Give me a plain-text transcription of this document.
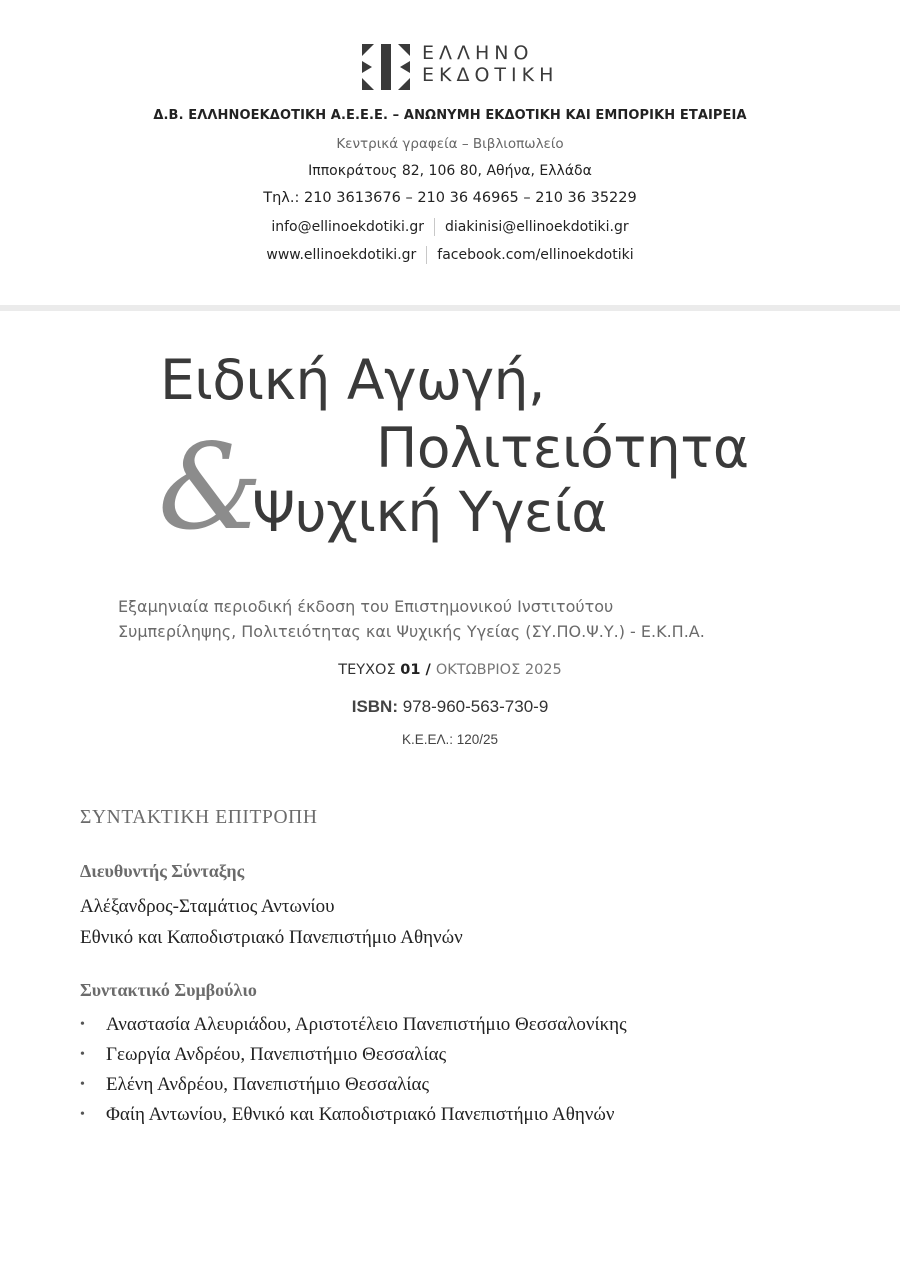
ΕΛΛΗΝΟ
ΕΚΔΟΤΙΚΗ
Δ.Β. ΕΛΛΗΝΟΕΚΔΟΤΙΚΗ Α.Ε.Ε.Ε. – ΑΝΩΝΥΜΗ ΕΚΔΟΤΙΚΗ ΚΑΙ ΕΜΠΟΡΙΚΗ ΕΤΑΙΡΕΙΑ
Κεντρικά γραφεία – Βιβλιοπωλείο
Ιπποκράτους 82, 106 80, Αθήνα, Ελλάδα
Τηλ.: 210 3613676 – 210 36 46965 – 210 36 35229
info@ellinoekdotiki.gr diakinisi@ellinoekdotiki.gr
www.ellinoekdotiki.gr facebook.com/ellinoekdotiki
Ειδική Αγωγή,
Πολιτειότητα
&
Ψυχική Υγεία
Εξαμηνιαία περιοδική έκδοση του Επιστημονικού Ινστιτούτου
Συμπερίληψης, Πολιτειότητας και Ψυχικής Υγείας (ΣΥ.ΠΟ.Ψ.Υ.) - Ε.Κ.Π.Α.
ΤΕΥΧΟΣ 01 / ΟΚΤΩΒΡΙΟΣ 2025
ISBN: 978-960-563-730-9
Κ.Ε.ΕΛ.: 120/25
ΣΥΝΤΑΚΤΙΚΗ ΕΠΙΤΡΟΠΗ
Διευθυντής Σύνταξης
Αλέξανδρος-Σταμάτιος Αντωνίου
Εθνικό και Καποδιστριακό Πανεπιστήμιο Αθηνών
Συντακτικό Συμβούλιο
• Αναστασία Αλευριάδου, Αριστοτέλειο Πανεπιστήμιο Θεσσαλονίκης
• Γεωργία Ανδρέου, Πανεπιστήμιο Θεσσαλίας
• Ελένη Ανδρέου, Πανεπιστήμιο Θεσσαλίας
• Φαίη Αντωνίου, Εθνικό και Καποδιστριακό Πανεπιστήμιο Αθηνών
